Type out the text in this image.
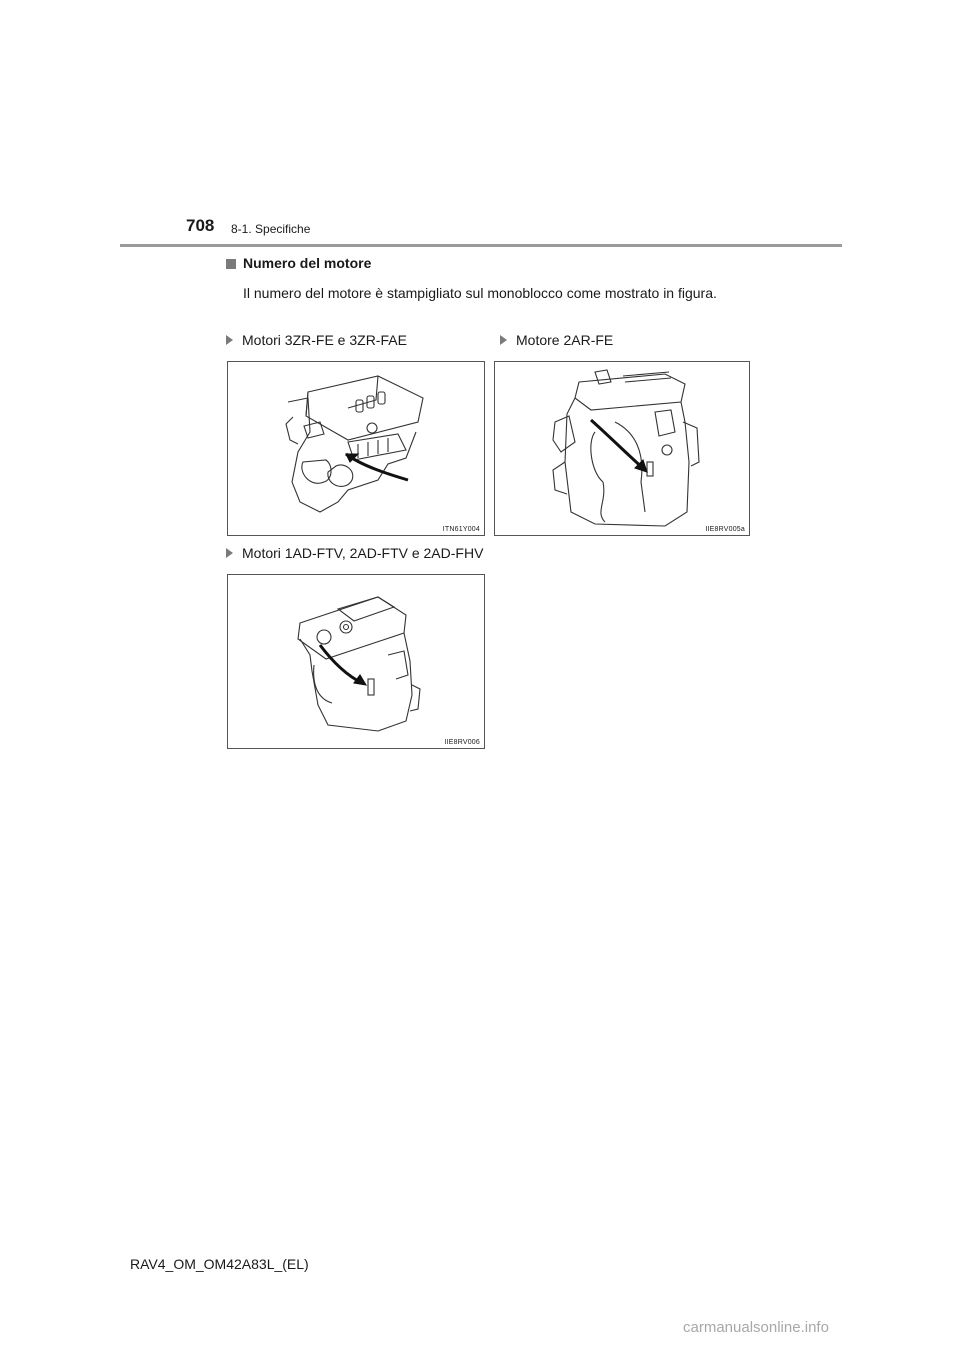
708 8-1. Specifiche
Numero del motore
Il numero del motore è stampigliato sul monoblocco come mostrato in figura.
Motori 3ZR-FE e 3ZR-FAE	Motore 2AR-FE
ITN61Y004	IIE8RV005a
Motori 1AD-FTV, 2AD-FTV e 2AD-FHV
IIE8RV006
RAV4_OM_OM42A83L_(EL)
carmanualsonline.info
